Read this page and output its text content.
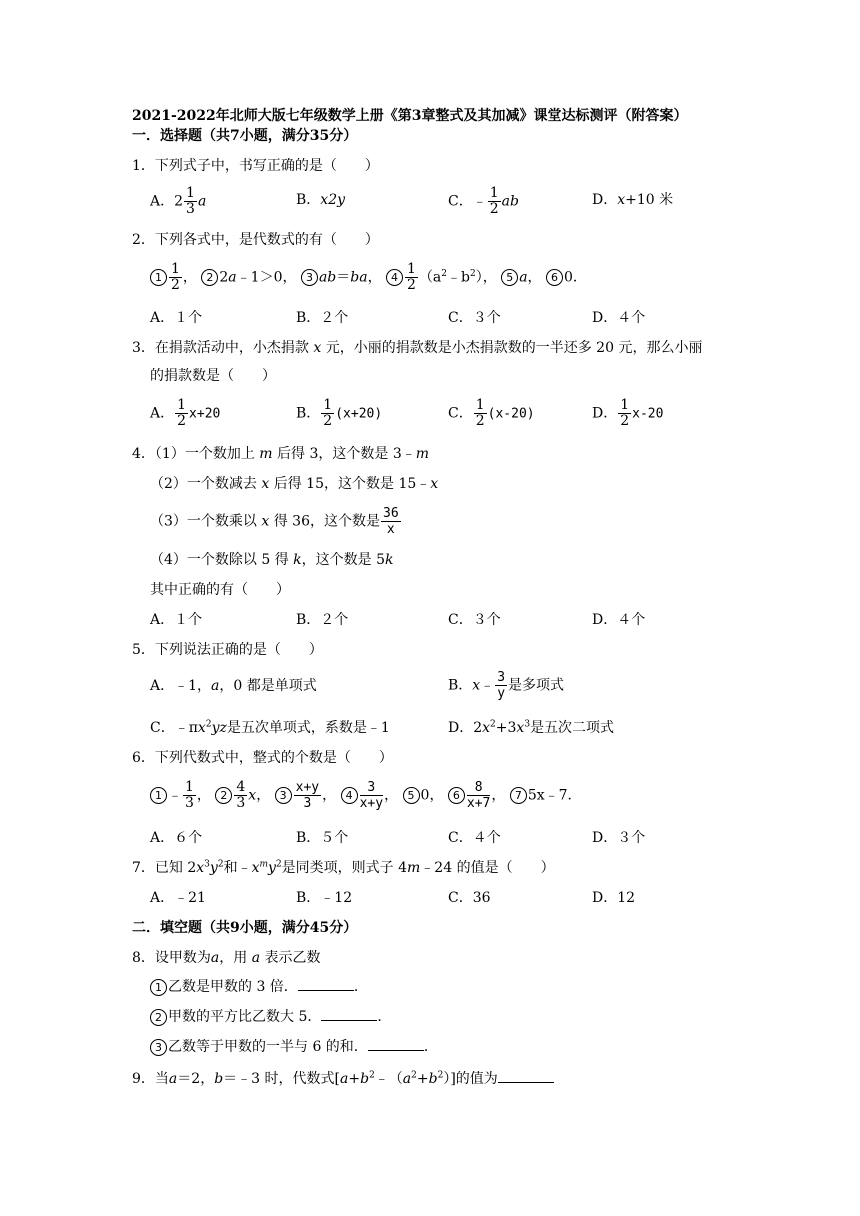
2021-2022年北师大版七年级数学上册《第3章整式及其加减》课堂达标测评（附答案）
一．选择题（共7小题，满分35分）
1．下列式子中，书写正确的是（　　）
A．$2 \frac{1}{3}$ a	B．x2y	C．﹣ $\frac{1}{2}$ ab	D．x+10 米
2．下列各式中，是代数式的有（　　）
$1 \frac{1}{2}$ ， 2 2a﹣1＞0， 3 ab＝ba， $4 \frac{1}{2}$ $(a^2﹣b^2)$， 5 a， 6 0．
A．１个	B．２个	C．３个	D．４个
3．在捐款活动中，小杰捐款 x 元，小丽的捐款数是小杰捐款数的一半还多 20 元，那么小丽
的捐款数是（　　）
A． $\frac{1}{2} x+20$	B． $\frac{1}{2} (x+20)$	C． $\frac{1}{2} (x-20)$	D． $\frac{1}{2} x-20$
4．（1）一个数加上 m 后得 3，这个数是 3﹣m
（2）一个数减去 x 后得 15，这个数是 15﹣x
（3）一个数乘以 x 得 36，这个数是 $\frac{36}{x}$
（4）一个数除以 5 得 k，这个数是 5k
其中正确的有（　　）
A．１个	B．２个	C．３个	D．４个
5．下列说法正确的是（　　）
A．﹣1，a，0 都是单项式	B．x﹣ $\frac{3}{y}$ 是多项式
C．$﹣\pi x^2yz$是五次单项式，系数是﹣1	D．$2x^2+3x^3$是五次二项式
6．下列代数式中，整式的个数是（　　）
1 ﹣ $\frac{1}{3}$ ， $2 \frac{4}{3}$ x， $3 \frac{x+y}{3}$ ， $4 \frac{3}{x+y}$ ， 5 0， $6 \frac{8}{x+7}$ ， 7 5x﹣7．
A．６个	B．５个	C．４个	D．３个
7．已知 $2x^3y^2$和$﹣x^my^2$是同类项，则式子 4m﹣24 的值是（　　）
A．﹣21	B．﹣12	C．36	D．12
二．填空题（共9小题，满分45分）
8．设甲数为a，用 a 表示乙数
1 乙数是甲数的 3 倍．	．
2 甲数的平方比乙数大 5．	．
3 乙数等于甲数的一半与 6 的和．	．
9．当a＝2，b＝﹣3 时，代数式$[a+b^2﹣(a^2+b^2)]$的值为
